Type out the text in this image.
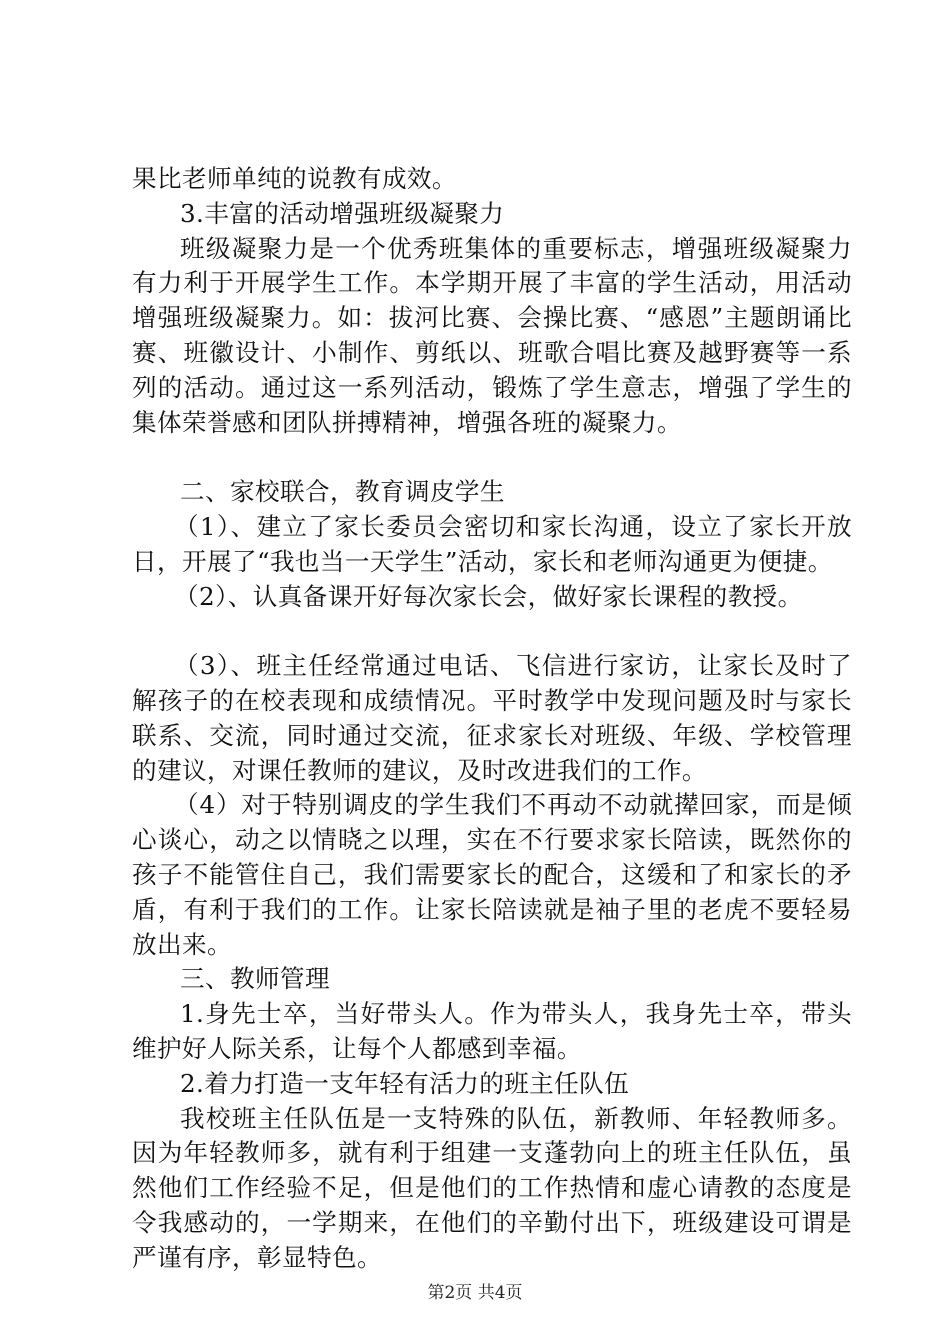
果比老师单纯的说教有成效。

3.丰富的活动增强班级凝聚力

班级凝聚力是一个优秀班集体的重要标志，增强班级凝聚力有力利于开展学生工作。本学期开展了丰富的学生活动，用活动增强班级凝聚力。如：拔河比赛、会操比赛、“感恩”主题朗诵比赛、班徽设计、小制作、剪纸以、班歌合唱比赛及越野赛等一系列的活动。通过这一系列活动，锻炼了学生意志，增强了学生的集体荣誉感和团队拼搏精神，增强各班的凝聚力。

二、家校联合，教育调皮学生

（1）、建立了家长委员会密切和家长沟通，设立了家长开放日，开展了“我也当一天学生”活动，家长和老师沟通更为便捷。

（2）、认真备课开好每次家长会，做好家长课程的教授。

（3）、班主任经常通过电话、飞信进行家访，让家长及时了解孩子的在校表现和成绩情况。平时教学中发现问题及时与家长联系、交流，同时通过交流，征求家长对班级、年级、学校管理的建议，对课任教师的建议，及时改进我们的工作。

（4）对于特别调皮的学生我们不再动不动就撵回家，而是倾心谈心，动之以情晓之以理，实在不行要求家长陪读，既然你的孩子不能管住自己，我们需要家长的配合，这缓和了和家长的矛盾，有利于我们的工作。让家长陪读就是袖子里的老虎不要轻易放出来。

三、教师管理

1.身先士卒，当好带头人。作为带头人，我身先士卒，带头维护好人际关系，让每个人都感到幸福。

2.着力打造一支年轻有活力的班主任队伍

我校班主任队伍是一支特殊的队伍，新教师、年轻教师多。因为年轻教师多，就有利于组建一支蓬勃向上的班主任队伍，虽然他们工作经验不足，但是他们的工作热情和虚心请教的态度是令我感动的，一学期来，在他们的辛勤付出下，班级建设可谓是严谨有序，彰显特色。

第2页 共4页
